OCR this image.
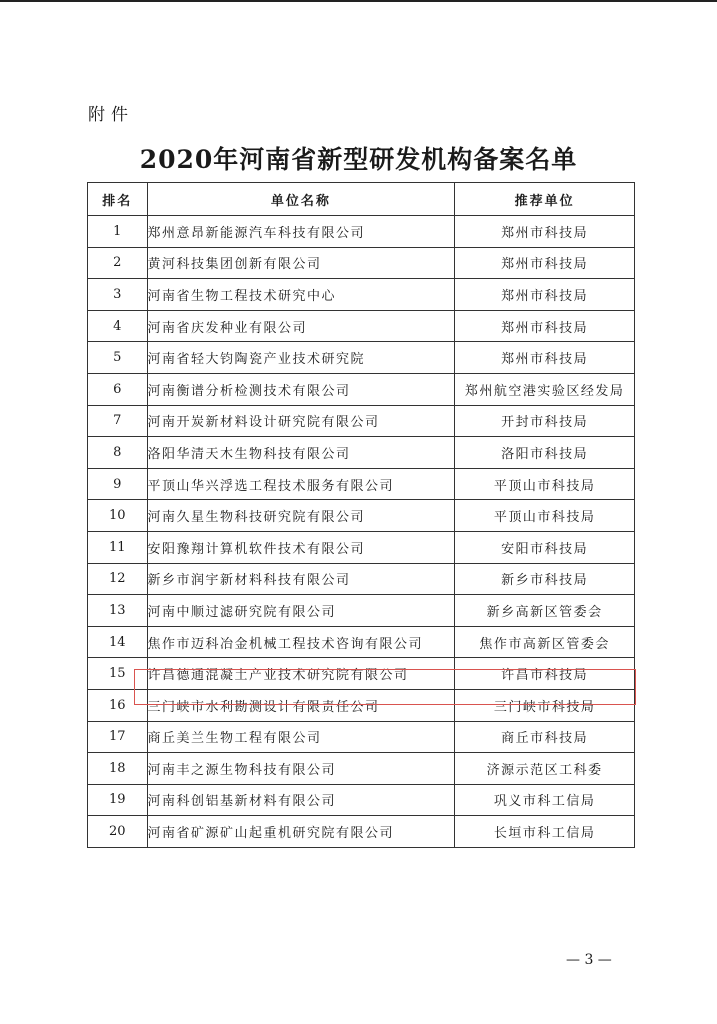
附件
2020年河南省新型研发机构备案名单
排名	单位名称	推荐单位
1	郑州意昂新能源汽车科技有限公司	郑州市科技局
2	黄河科技集团创新有限公司	郑州市科技局
3	河南省生物工程技术研究中心	郑州市科技局
4	河南省庆发种业有限公司	郑州市科技局
5	河南省轻大钧陶瓷产业技术研究院	郑州市科技局
6	河南衡谱分析检测技术有限公司	郑州航空港实验区经发局
7	河南开炭新材料设计研究院有限公司	开封市科技局
8	洛阳华清天木生物科技有限公司	洛阳市科技局
9	平顶山华兴浮选工程技术服务有限公司	平顶山市科技局
10	河南久星生物科技研究院有限公司	平顶山市科技局
11	安阳豫翔计算机软件技术有限公司	安阳市科技局
12	新乡市润宇新材料科技有限公司	新乡市科技局
13	河南中顺过滤研究院有限公司	新乡高新区管委会
14	焦作市迈科冶金机械工程技术咨询有限公司	焦作市高新区管委会
15	许昌德通混凝土产业技术研究院有限公司	许昌市科技局
16	三门峡市水利勘测设计有限责任公司	三门峡市科技局
17	商丘美兰生物工程有限公司	商丘市科技局
18	河南丰之源生物科技有限公司	济源示范区工科委
19	河南科创铝基新材料有限公司	巩义市科工信局
20	河南省矿源矿山起重机研究院有限公司	长垣市科工信局
— 3 —
